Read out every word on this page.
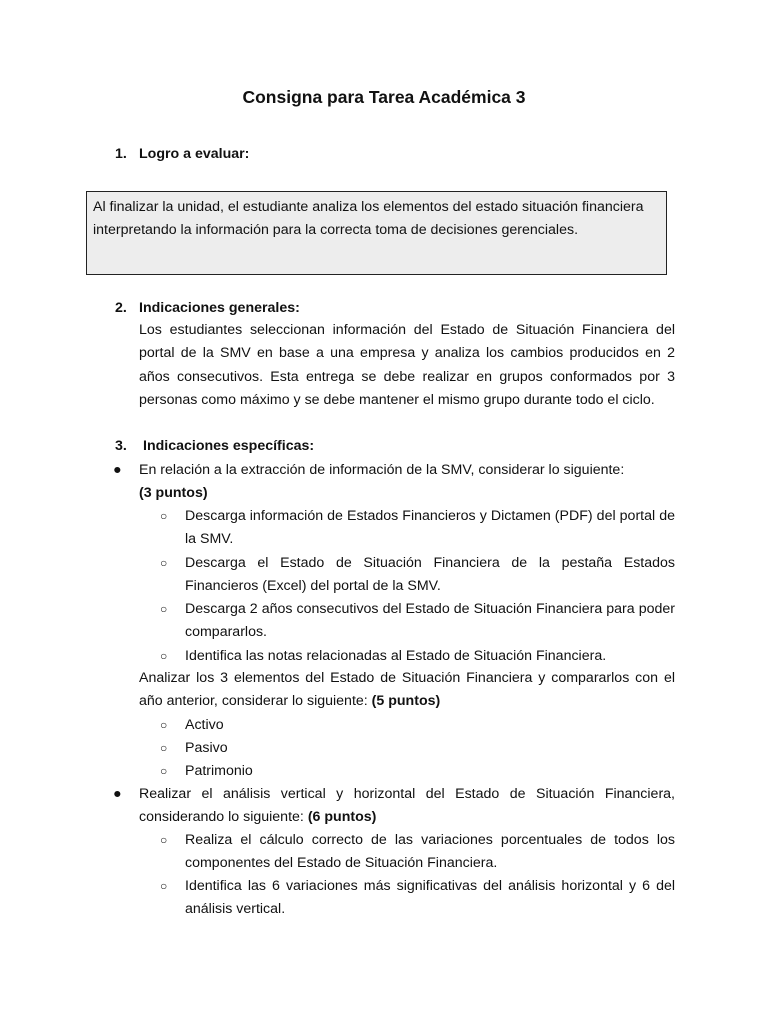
Consigna para Tarea Académica 3
1. Logro a evaluar:
Al finalizar la unidad, el estudiante analiza los elementos del estado situación financiera interpretando la información para la correcta toma de decisiones gerenciales.
2. Indicaciones generales:
Los estudiantes seleccionan información del Estado de Situación Financiera del portal de la SMV en base a una empresa y analiza los cambios producidos en 2 años consecutivos. Esta entrega se debe realizar en grupos conformados por 3 personas como máximo y se debe mantener el mismo grupo durante todo el ciclo.
3. Indicaciones específicas:
● En relación a la extracción de información de la SMV, considerar lo siguiente:
(3 puntos)
○ Descarga información de Estados Financieros y Dictamen (PDF) del portal de la SMV.
○ Descarga el Estado de Situación Financiera de la pestaña Estados Financieros (Excel) del portal de la SMV.
○ Descarga 2 años consecutivos del Estado de Situación Financiera para poder compararlos.
○ Identifica las notas relacionadas al Estado de Situación Financiera.
Analizar los 3 elementos del Estado de Situación Financiera y compararlos con el año anterior, considerar lo siguiente: (5 puntos)
○ Activo
○ Pasivo
○ Patrimonio
● Realizar el análisis vertical y horizontal del Estado de Situación Financiera, considerando lo siguiente: (6 puntos)
○ Realiza el cálculo correcto de las variaciones porcentuales de todos los componentes del Estado de Situación Financiera.
○ Identifica las 6 variaciones más significativas del análisis horizontal y 6 del análisis vertical.
